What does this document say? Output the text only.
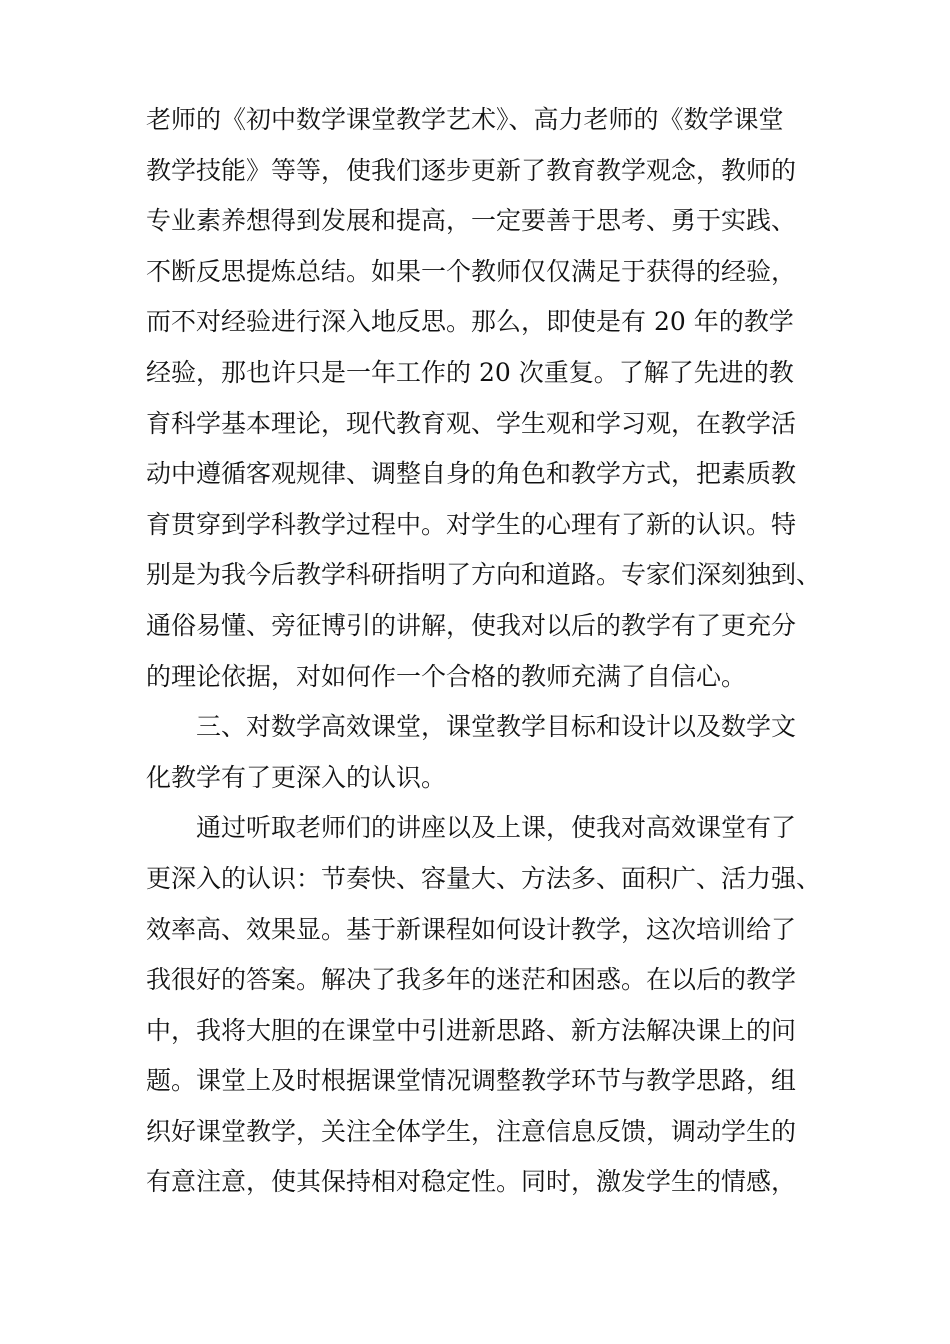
老师的《初中数学课堂教学艺术》、高力老师的《数学课堂
教学技能》等等，使我们逐步更新了教育教学观念，教师的
专业素养想得到发展和提高，一定要善于思考、勇于实践、
不断反思提炼总结。如果一个教师仅仅满足于获得的经验，
而不对经验进行深入地反思。那么，即使是有 20 年的教学
经验，那也许只是一年工作的 20 次重复。了解了先进的教
育科学基本理论，现代教育观、学生观和学习观，在教学活
动中遵循客观规律、调整自身的角色和教学方式，把素质教
育贯穿到学科教学过程中。对学生的心理有了新的认识。特
别是为我今后教学科研指明了方向和道路。专家们深刻独到、
通俗易懂、旁征博引的讲解，使我对以后的教学有了更充分
的理论依据，对如何作一个合格的教师充满了自信心。
三、对数学高效课堂，课堂教学目标和设计以及数学文
化教学有了更深入的认识。
通过听取老师们的讲座以及上课，使我对高效课堂有了
更深入的认识：节奏快、容量大、方法多、面积广、活力强、
效率高、效果显。基于新课程如何设计教学，这次培训给了
我很好的答案。解决了我多年的迷茫和困惑。在以后的教学
中，我将大胆的在课堂中引进新思路、新方法解决课上的问
题。课堂上及时根据课堂情况调整教学环节与教学思路，组
织好课堂教学，关注全体学生，注意信息反馈，调动学生的
有意注意，使其保持相对稳定性。同时，激发学生的情感，
